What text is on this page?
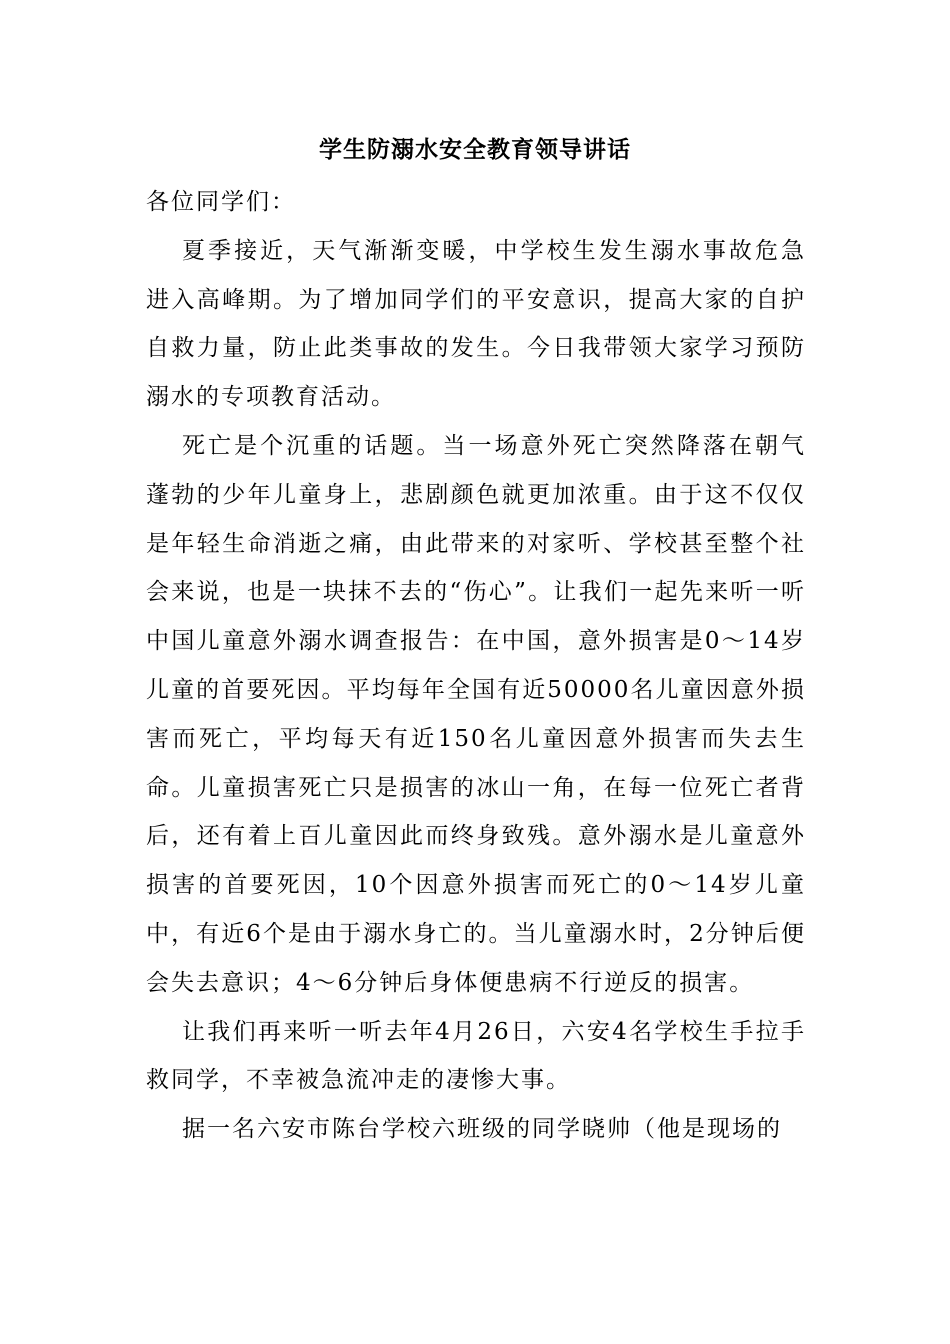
学生防溺水安全教育领导讲话

各位同学们：

夏季接近，天气渐渐变暖，中学校生发生溺水事故危急进入高峰期。为了增加同学们的平安意识，提高大家的自护自救力量，防止此类事故的发生。今日我带领大家学习预防溺水的专项教育活动。

死亡是个沉重的话题。当一场意外死亡突然降落在朝气蓬勃的少年儿童身上，悲剧颜色就更加浓重。由于这不仅仅是年轻生命消逝之痛，由此带来的对家听、学校甚至整个社会来说，也是一块抹不去的“伤心”。让我们一起先来听一听中国儿童意外溺水调查报告：在中国，意外损害是0～14岁儿童的首要死因。平均每年全国有近50000名儿童因意外损害而死亡，平均每天有近150名儿童因意外损害而失去生命。儿童损害死亡只是损害的冰山一角，在每一位死亡者背后，还有着上百儿童因此而终身致残。意外溺水是儿童意外损害的首要死因，10个因意外损害而死亡的0～14岁儿童中，有近6个是由于溺水身亡的。当儿童溺水时，2分钟后便会失去意识；4～6分钟后身体便患病不行逆反的损害。

让我们再来听一听去年4月26日，六安4名学校生手拉手救同学，不幸被急流冲走的凄惨大事。

据一名六安市陈台学校六班级的同学晓帅（他是现场的
